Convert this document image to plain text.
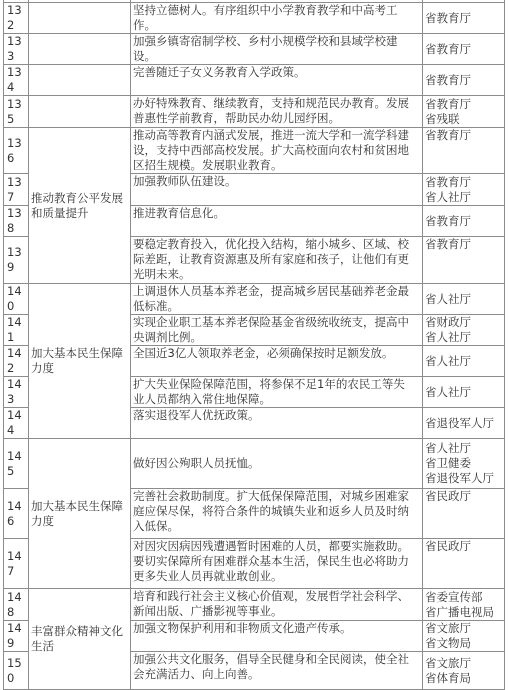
132		坚持立德树人。有序组织中小学教育教学和中高考工
作。	省教育厅

133		加强乡镇寄宿制学校、乡村小规模学校和县域学校建
设。	省教育厅

134		完善随迁子女义务教育入学政策。	省教育厅

135		办好特殊教育、继续教育，支持和规范民办教育。发展
普惠性学前教育，帮助民办幼儿园纾困。	省教育厅
省残联

136	推动教育公平发展
和质量提升	推动高等教育内涵式发展，推进一流大学和一流学科建
设，支持中西部高校发展。扩大高校面向农村和贫困地
区招生规模。发展职业教育。	省教育厅

137		加强教师队伍建设。	省教育厅
省人社厅

138		推进教育信息化。	省教育厅

139		要稳定教育投入，优化投入结构，缩小城乡、区域、校
际差距，让教育资源惠及所有家庭和孩子，让他们有更
光明未来。	省教育厅

140	加大基本民生保障
力度	上调退休人员基本养老金，提高城乡居民基础养老金最
低标准。	省人社厅

141		实现企业职工基本养老保险基金省级统收统支，提高中
央调剂比例。	省财政厅
省人社厅

142		全国近3亿人领取养老金，必须确保按时足额发放。	省人社厅

143		扩大失业保险保障范围，将参保不足1年的农民工等失
业人员都纳入常住地保障。	省人社厅

144		落实退役军人优抚政策。	省退役军人厅

145	加大基本民生保障
力度	做好因公殉职人员抚恤。	省人社厅
省卫健委
省退役军人厅

146		完善社会救助制度。扩大低保保障范围，对城乡困难家
庭应保尽保，将符合条件的城镇失业和返乡人员及时纳
入低保。	省民政厅

147		对因灾因病因残遭遇暂时困难的人员，都要实施救助。
要切实保障所有困难群众基本生活，保民生也必将助力
更多失业人员再就业敢创业。	省民政厅

148	丰富群众精神文化
生活	培育和践行社会主义核心价值观，发展哲学社会科学、
新闻出版、广播影视等事业。	省委宣传部
省广播电视局

149		加强文物保护利用和非物质文化遗产传承。	省文旅厅
省文物局

150		加强公共文化服务，倡导全民健身和全民阅读，使全社
会充满活力、向上向善。	省文旅厅
省体育局
